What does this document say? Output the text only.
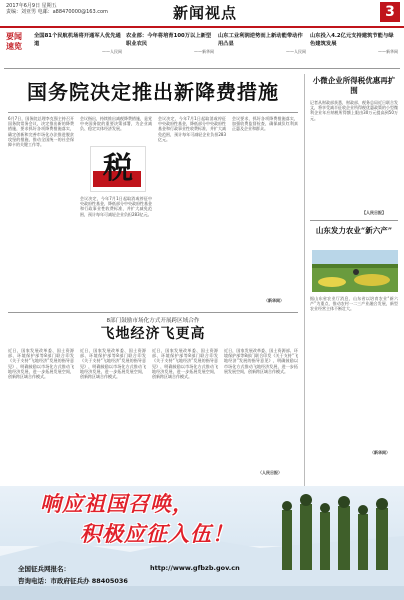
2017年6月9日 星期五
责编：刘亚男 电邮：a88470000@163.com	新闻视点	3
要闻速览
全国81个民航机场将开通军人优先通道
——人民网
农业部：今年将培育100万以上新型职业农民
——新华网
山东工业利润逆势而上新动能带动作用凸显
——人民网
山东投入4.2亿元支持建筑节能与绿色建筑发展
——新华网
国务院决定推出新降费措施
6月7日，国务院总理李克强主持召开国务院常务会议，决定推出新的降费措施，要求抓好各项降费措施落实，确定创新和完善市场化办法推进脱贫攻坚的措施，推动全国统一的社会保障卡的关键工作等。
会议指出，持续推出减税降费措施，是党中央国务院的重要决策部署，为企业减负、稳定实体经济发展。
税
会议决定，今年7月1日起取消或停征中央政府性基金，降低部分中央政府性基金和行政事业性收费标准，并扩大减免范围，预计每年可减轻企业负担283亿元。
会议决定，今年7月1日起取消或停征中央政府性基金，降低部分中央政府性基金和行政事业性收费标准，并扩大减免范围，预计每年可减轻企业负担283亿元。
会议要求，抓好各项降费措施落实，加强收费监督检查，确保减负红利真正惠及企业和群众。
（新华网）
小微企业所得税优惠再扩围
记者从财政部获悉，财政部、税务总局近日联合发文，将享受减半征收企业所得税优惠政策的小型微利企业年应纳税所得额上限由30万元提高到50万元。
【人民日报】
山东发力农业“新六产”
据山东省农业厅消息，山东省以培育农业“新六产”为重点，推动农村一二三产业融合发展，新型农业经营主体不断壮大。
（新华网）
8部门鼓励市场化方式开展跨区域合作
飞地经济飞更高
近日，国家发展改革委、国土资源部、环境保护部等8部门联合印发《关于支持“飞地经济”发展的指导意见》，明确鼓励以市场化方式推动飞地经济发展，进一步拓展发展空间，创新跨区域合作模式。
近日，国家发展改革委、国土资源部、环境保护部等8部门联合印发《关于支持“飞地经济”发展的指导意见》，明确鼓励以市场化方式推动飞地经济发展，进一步拓展发展空间，创新跨区域合作模式。
近日，国家发展改革委、国土资源部、环境保护部等8部门联合印发《关于支持“飞地经济”发展的指导意见》，明确鼓励以市场化方式推动飞地经济发展，进一步拓展发展空间，创新跨区域合作模式。
近日，国家发展改革委、国土资源部、环境保护部等8部门联合印发《关于支持“飞地经济”发展的指导意见》，明确鼓励以市场化方式推动飞地经济发展，进一步拓展发展空间，创新跨区域合作模式。
（人民日报）
响应祖国召唤，
积极应征入伍！
全国征兵网报名：	http://www.gfbzb.gov.cn
咨询电话：市政府征兵办 88405036
